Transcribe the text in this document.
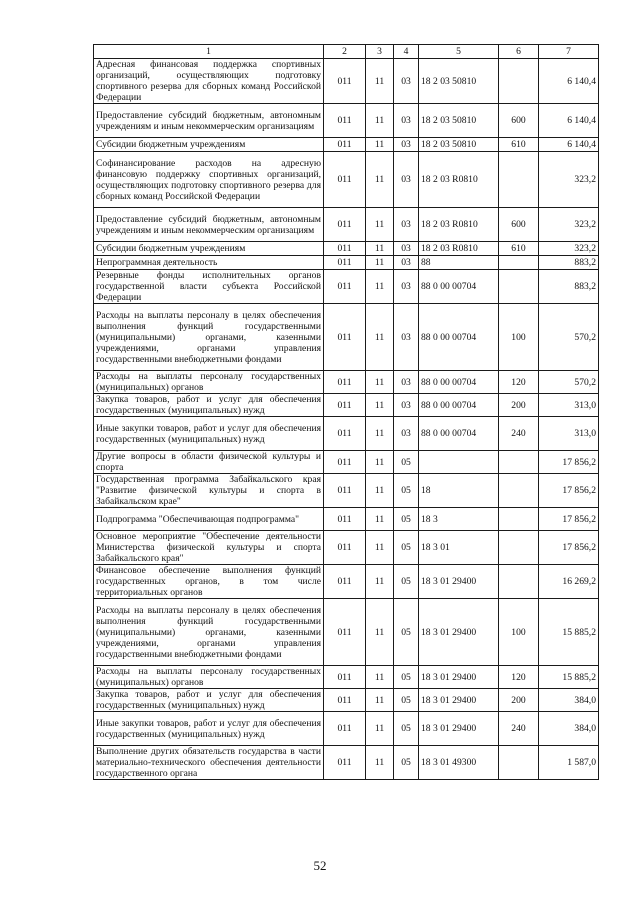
1	2	3	4	5	6	7
Адресная финансовая поддержка спортивных организаций, осуществляющих подготовку спортивного резерва для сборных команд Российской Федерации	011	11	03	18 2 03 50810		6 140,4
Предоставление субсидий бюджетным, автономным учреждениям и иным некоммерческим организациям	011	11	03	18 2 03 50810	600	6 140,4
Субсидии бюджетным учреждениям	011	11	03	18 2 03 50810	610	6 140,4
Софинансирование расходов на адресную финансовую поддержку спортивных организаций, осуществляющих подготовку спортивного резерва для сборных команд Российской Федерации	011	11	03	18 2 03 R0810		323,2
Предоставление субсидий бюджетным, автономным учреждениям и иным некоммерческим организациям	011	11	03	18 2 03 R0810	600	323,2
Субсидии бюджетным учреждениям	011	11	03	18 2 03 R0810	610	323,2
Непрограммная деятельность	011	11	03	88		883,2
Резервные фонды исполнительных органов государственной власти субъекта Российской Федерации	011	11	03	88 0 00 00704		883,2
Расходы на выплаты персоналу в целях обеспечения выполнения функций государственными (муниципальными) органами, казенными учреждениями, органами управления государственными внебюджетными фондами	011	11	03	88 0 00 00704	100	570,2
Расходы на выплаты персоналу государственных (муниципальных) органов	011	11	03	88 0 00 00704	120	570,2
Закупка товаров, работ и услуг для обеспечения государственных (муниципальных) нужд	011	11	03	88 0 00 00704	200	313,0
Иные закупки товаров, работ и услуг для обеспечения государственных (муниципальных) нужд	011	11	03	88 0 00 00704	240	313,0
Другие вопросы в области физической культуры и спорта	011	11	05			17 856,2
Государственная программа Забайкальского края "Развитие физической культуры и спорта в Забайкальском крае"	011	11	05	18		17 856,2
Подпрограмма "Обеспечивающая подпрограмма"	011	11	05	18 3		17 856,2
Основное мероприятие "Обеспечение деятельности Министерства физической культуры и спорта Забайкальского края"	011	11	05	18 3 01		17 856,2
Финансовое обеспечение выполнения функций государственных органов, в том числе территориальных органов	011	11	05	18 3 01 29400		16 269,2
Расходы на выплаты персоналу в целях обеспечения выполнения функций государственными (муниципальными) органами, казенными учреждениями, органами управления государственными внебюджетными фондами	011	11	05	18 3 01 29400	100	15 885,2
Расходы на выплаты персоналу государственных (муниципальных) органов	011	11	05	18 3 01 29400	120	15 885,2
Закупка товаров, работ и услуг для обеспечения государственных (муниципальных) нужд	011	11	05	18 3 01 29400	200	384,0
Иные закупки товаров, работ и услуг для обеспечения государственных (муниципальных) нужд	011	11	05	18 3 01 29400	240	384,0
Выполнение других обязательств государства в части материально-технического обеспечения деятельности государственного органа	011	11	05	18 3 01 49300		1 587,0
52
